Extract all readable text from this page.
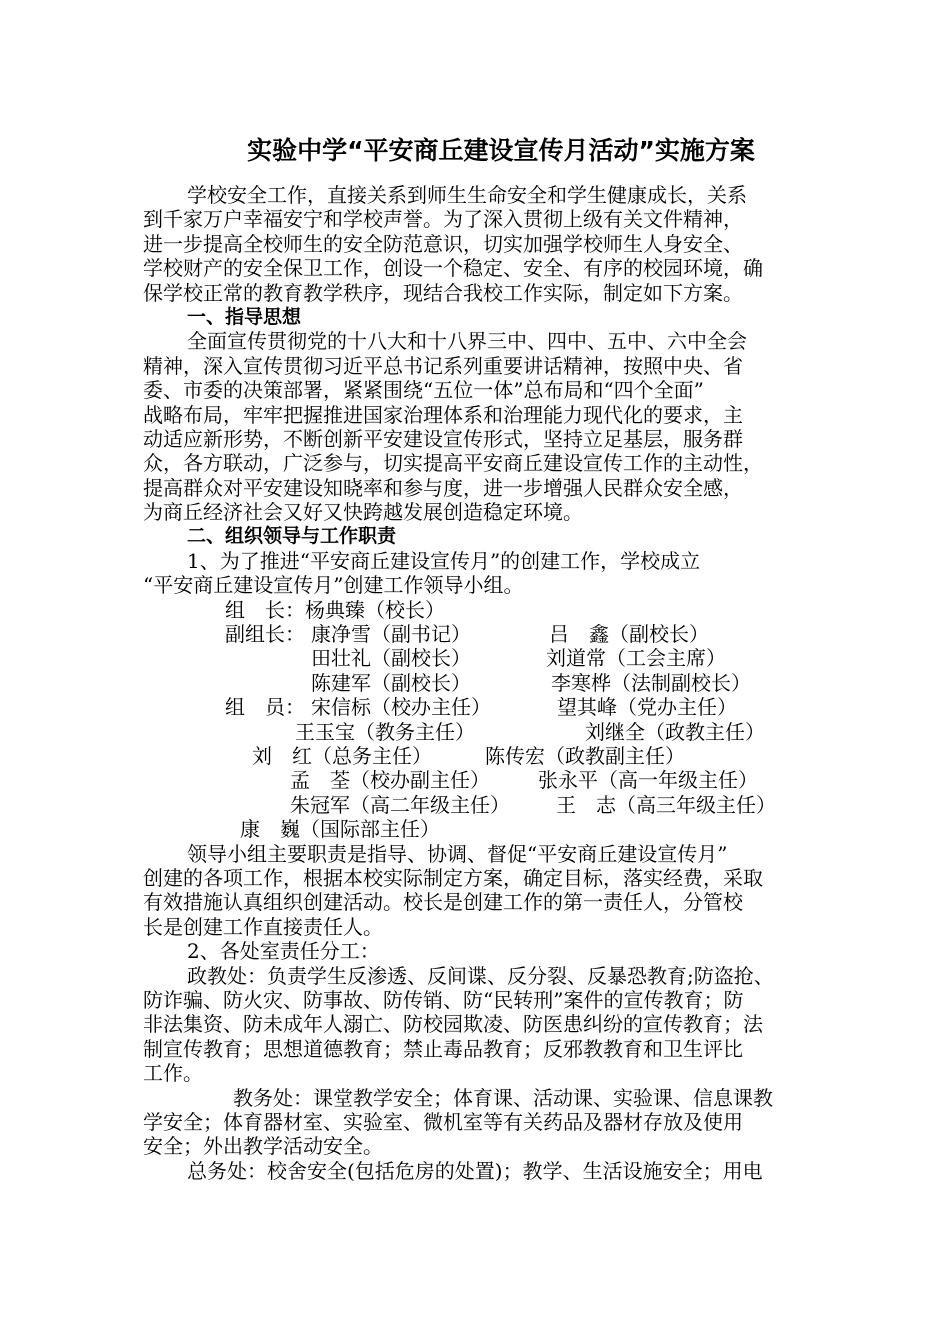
实验中学“平安商丘建设宣传月活动”实施方案
学校安全工作，直接关系到师生生命安全和学生健康成长，关系
到千家万户幸福安宁和学校声誉。为了深入贯彻上级有关文件精神，
进一步提高全校师生的安全防范意识，切实加强学校师生人身安全、
学校财产的安全保卫工作，创设一个稳定、安全、有序的校园环境，确
保学校正常的教育教学秩序，现结合我校工作实际，制定如下方案。
一、指导思想
全面宣传贯彻党的十八大和十八界三中、四中、五中、六中全会
精神，深入宣传贯彻习近平总书记系列重要讲话精神，按照中央、省
委、市委的决策部署，紧紧围绕“五位一体”总布局和“四个全面”
战略布局，牢牢把握推进国家治理体系和治理能力现代化的要求，主
动适应新形势，不断创新平安建设宣传形式，坚持立足基层，服务群
众，各方联动，广泛参与，切实提高平安商丘建设宣传工作的主动性，
提高群众对平安建设知晓率和参与度，进一步增强人民群众安全感，
为商丘经济社会又好又快跨越发展创造稳定环境。
二、组织领导与工作职责
1、为了推进“平安商丘建设宣传月”的创建工作，学校成立
“平安商丘建设宣传月”创建工作领导小组。
组　长：杨典臻（校长）
副组长： 康净雪（副书记）	吕　鑫（副校长）
田壮礼（副校长）	刘道常（工会主席）
陈建军（副校长）	李寒桦（法制副校长）
组　员： 宋信标（校办主任）	望其峰（党办主任）
王玉宝（教务主任）	刘继全（政教主任）
刘　红（总务主任）	陈传宏（政教副主任）
孟　荃（校办副主任） 张永平（高一年级主任）
朱冠军（高二年级主任） 王　志（高三年级主任）
康　巍（国际部主任）
领导小组主要职责是指导、协调、督促“平安商丘建设宣传月”
创建的各项工作，根据本校实际制定方案，确定目标，落实经费，采取
有效措施认真组织创建活动。校长是创建工作的第一责任人，分管校
长是创建工作直接责任人。
2、各处室责任分工：
政教处：负责学生反渗透、反间谍、反分裂、反暴恐教育;防盗抢、
防诈骗、防火灾、防事故、防传销、防“民转刑”案件的宣传教育；防
非法集资、防未成年人溺亡、防校园欺凌、防医患纠纷的宣传教育；法
制宣传教育；思想道德教育；禁止毒品教育；反邪教教育和卫生评比
工作。
教务处：课堂教学安全；体育课、活动课、实验课、信息课教
学安全；体育器材室、实验室、微机室等有关药品及器材存放及使用
安全；外出教学活动安全。
总务处：校舍安全(包括危房的处置)；教学、生活设施安全；用电
